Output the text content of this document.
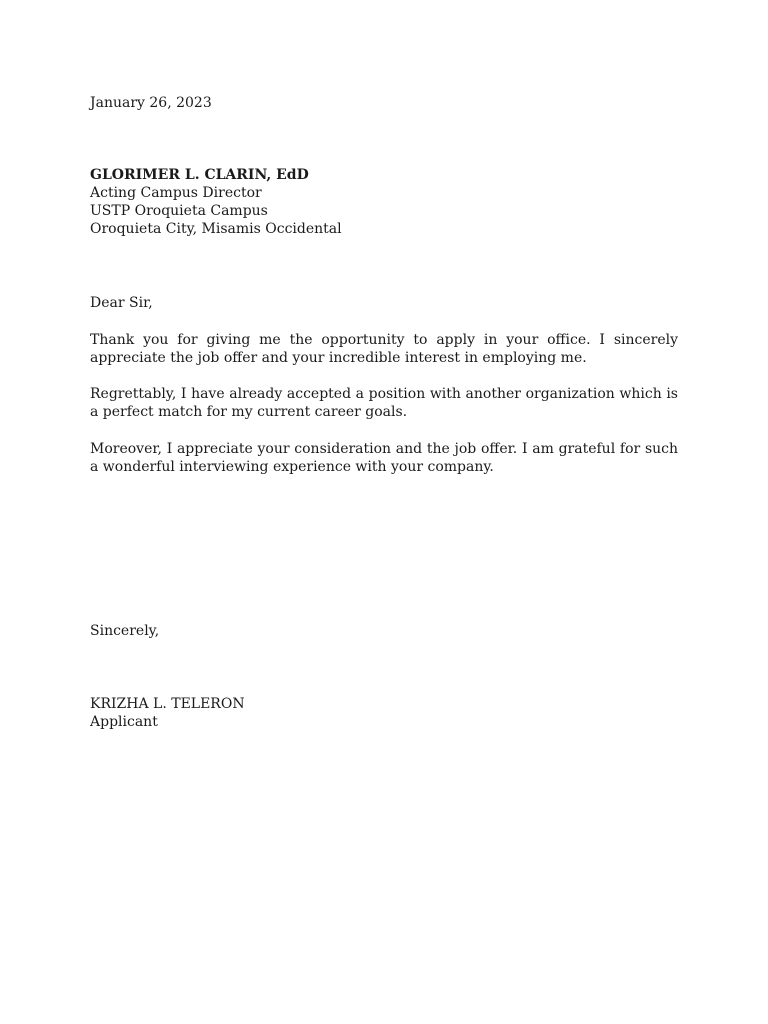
January 26, 2023
GLORIMER L. CLARIN, EdD
Acting Campus Director
USTP Oroquieta Campus
Oroquieta City, Misamis Occidental
Dear Sir,

Thank you for giving me the opportunity to apply in your office. I sincerely appreciate the job offer and your incredible interest in employing me.

Regrettably, I have already accepted a position with another organization which is a perfect match for my current career goals.

Moreover, I appreciate your consideration and the job offer. I am grateful for such a wonderful interviewing experience with your company.

Sincerely,
KRIZHA L. TELERON
Applicant
